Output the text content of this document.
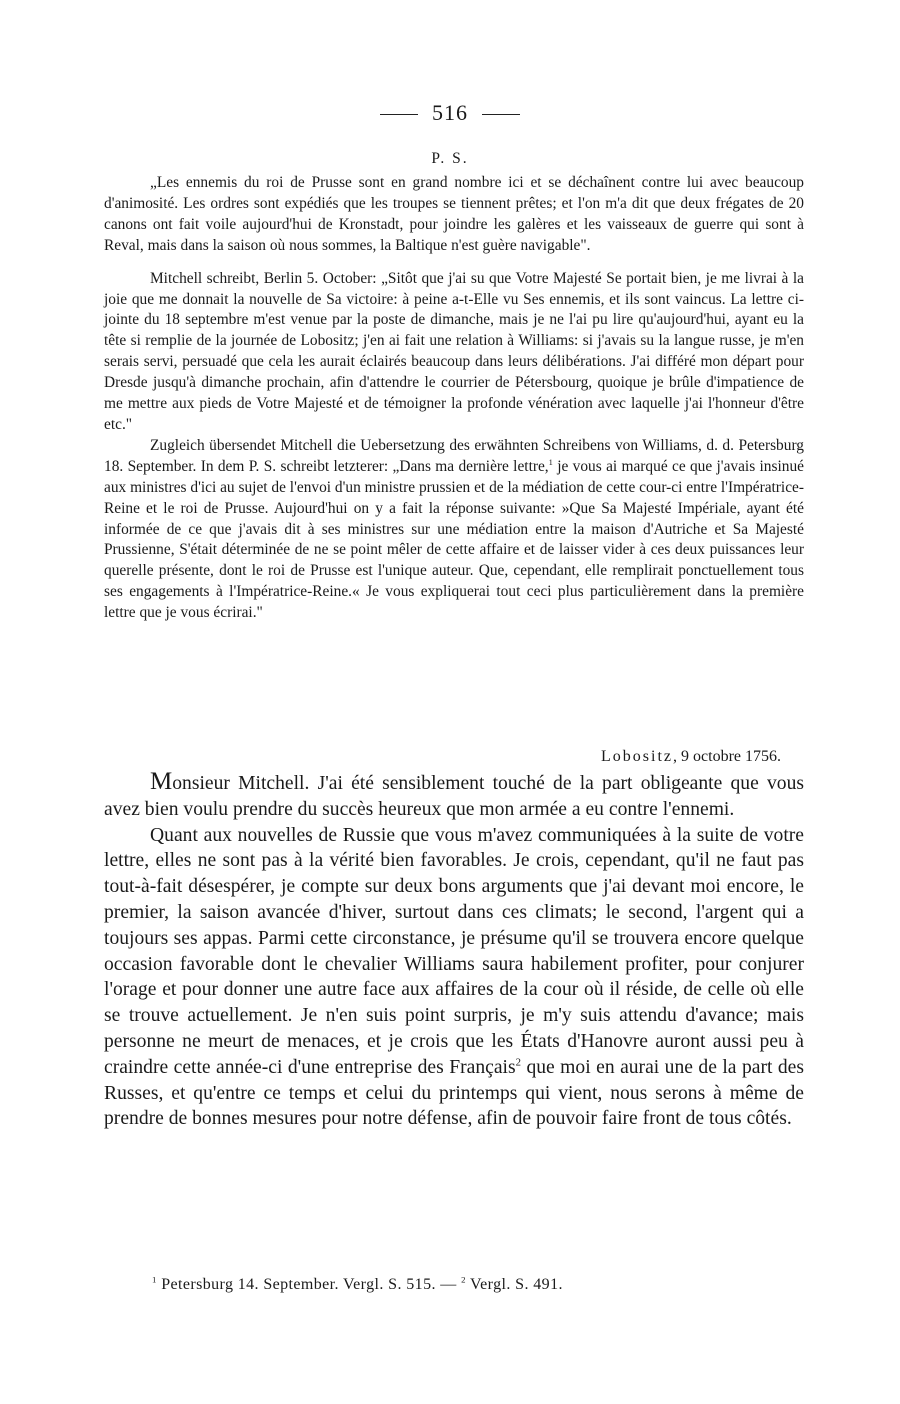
516
P. S.

„Les ennemis du roi de Prusse sont en grand nombre ici et se déchaînent contre lui avec beaucoup d'animosité. Les ordres sont expédiés que les troupes se tiennent prêtes; et l'on m'a dit que deux frégates de 20 canons ont fait voile aujourd'hui de Kronstadt, pour joindre les galères et les vaisseaux de guerre qui sont à Reval, mais dans la saison où nous sommes, la Baltique n'est guère navigable".

Mitchell schreibt, Berlin 5. October: „Sitôt que j'ai su que Votre Majesté Se portait bien, je me livrai à la joie que me donnait la nouvelle de Sa victoire: à peine a-t-Elle vu Ses ennemis, et ils sont vaincus. La lettre ci-jointe du 18 septembre m'est venue par la poste de dimanche, mais je ne l'ai pu lire qu'aujourd'hui, ayant eu la tête si remplie de la journée de Lobositz; j'en ai fait une relation à Williams: si j'avais su la langue russe, je m'en serais servi, persuadé que cela les aurait éclairés beaucoup dans leurs délibérations. J'ai différé mon départ pour Dresde jusqu'à dimanche prochain, afin d'attendre le courrier de Pétersbourg, quoique je brûle d'impatience de me mettre aux pieds de Votre Majesté et de témoigner la profonde vénération avec laquelle j'ai l'honneur d'être etc."

Zugleich übersendet Mitchell die Uebersetzung des erwähnten Schreibens von Williams, d. d. Petersburg 18. September. In dem P. S. schreibt letzterer: „Dans ma dernière lettre,$^1$ je vous ai marqué ce que j'avais insinué aux ministres d'ici au sujet de l'envoi d'un ministre prussien et de la médiation de cette cour-ci entre l'Impératrice-Reine et le roi de Prusse. Aujourd'hui on y a fait la réponse suivante: »Que Sa Majesté Impériale, ayant été informée de ce que j'avais dit à ses ministres sur une médiation entre la maison d'Autriche et Sa Majesté Prussienne, S'était déterminée de ne se point mêler de cette affaire et de laisser vider à ces deux puissances leur querelle présente, dont le roi de Prusse est l'unique auteur. Que, cependant, elle remplirait ponctuellement tous ses engagements à l'Impératrice-Reine.« Je vous expliquerai tout ceci plus particulièrement dans la première lettre que je vous écrirai."

Lobositz, 9 octobre 1756.

Monsieur Mitchell. J'ai été sensiblement touché de la part obligeante que vous avez bien voulu prendre du succès heureux que mon armée a eu contre l'ennemi.

Quant aux nouvelles de Russie que vous m'avez communiquées à la suite de votre lettre, elles ne sont pas à la vérité bien favorables. Je crois, cependant, qu'il ne faut pas tout-à-fait désespérer, je compte sur deux bons arguments que j'ai devant moi encore, le premier, la saison avancée d'hiver, surtout dans ces climats; le second, l'argent qui a toujours ses appas. Parmi cette circonstance, je présume qu'il se trouvera encore quelque occasion favorable dont le chevalier Williams saura habilement profiter, pour conjurer l'orage et pour donner une autre face aux affaires de la cour où il réside, de celle où elle se trouve actuellement. Je n'en suis point surpris, je m'y suis attendu d'avance; mais personne ne meurt de menaces, et je crois que les États d'Hanovre auront aussi peu à craindre cette année-ci d'une entreprise des Français$^2$ que moi en aurai une de la part des Russes, et qu'entre ce temps et celui du printemps qui vient, nous serons à même de prendre de bonnes mesures pour notre défense, afin de pouvoir faire front de tous côtés.

$^1$ Petersburg 14. September. Vergl. S. 515. — $^2$ Vergl. S. 491.
